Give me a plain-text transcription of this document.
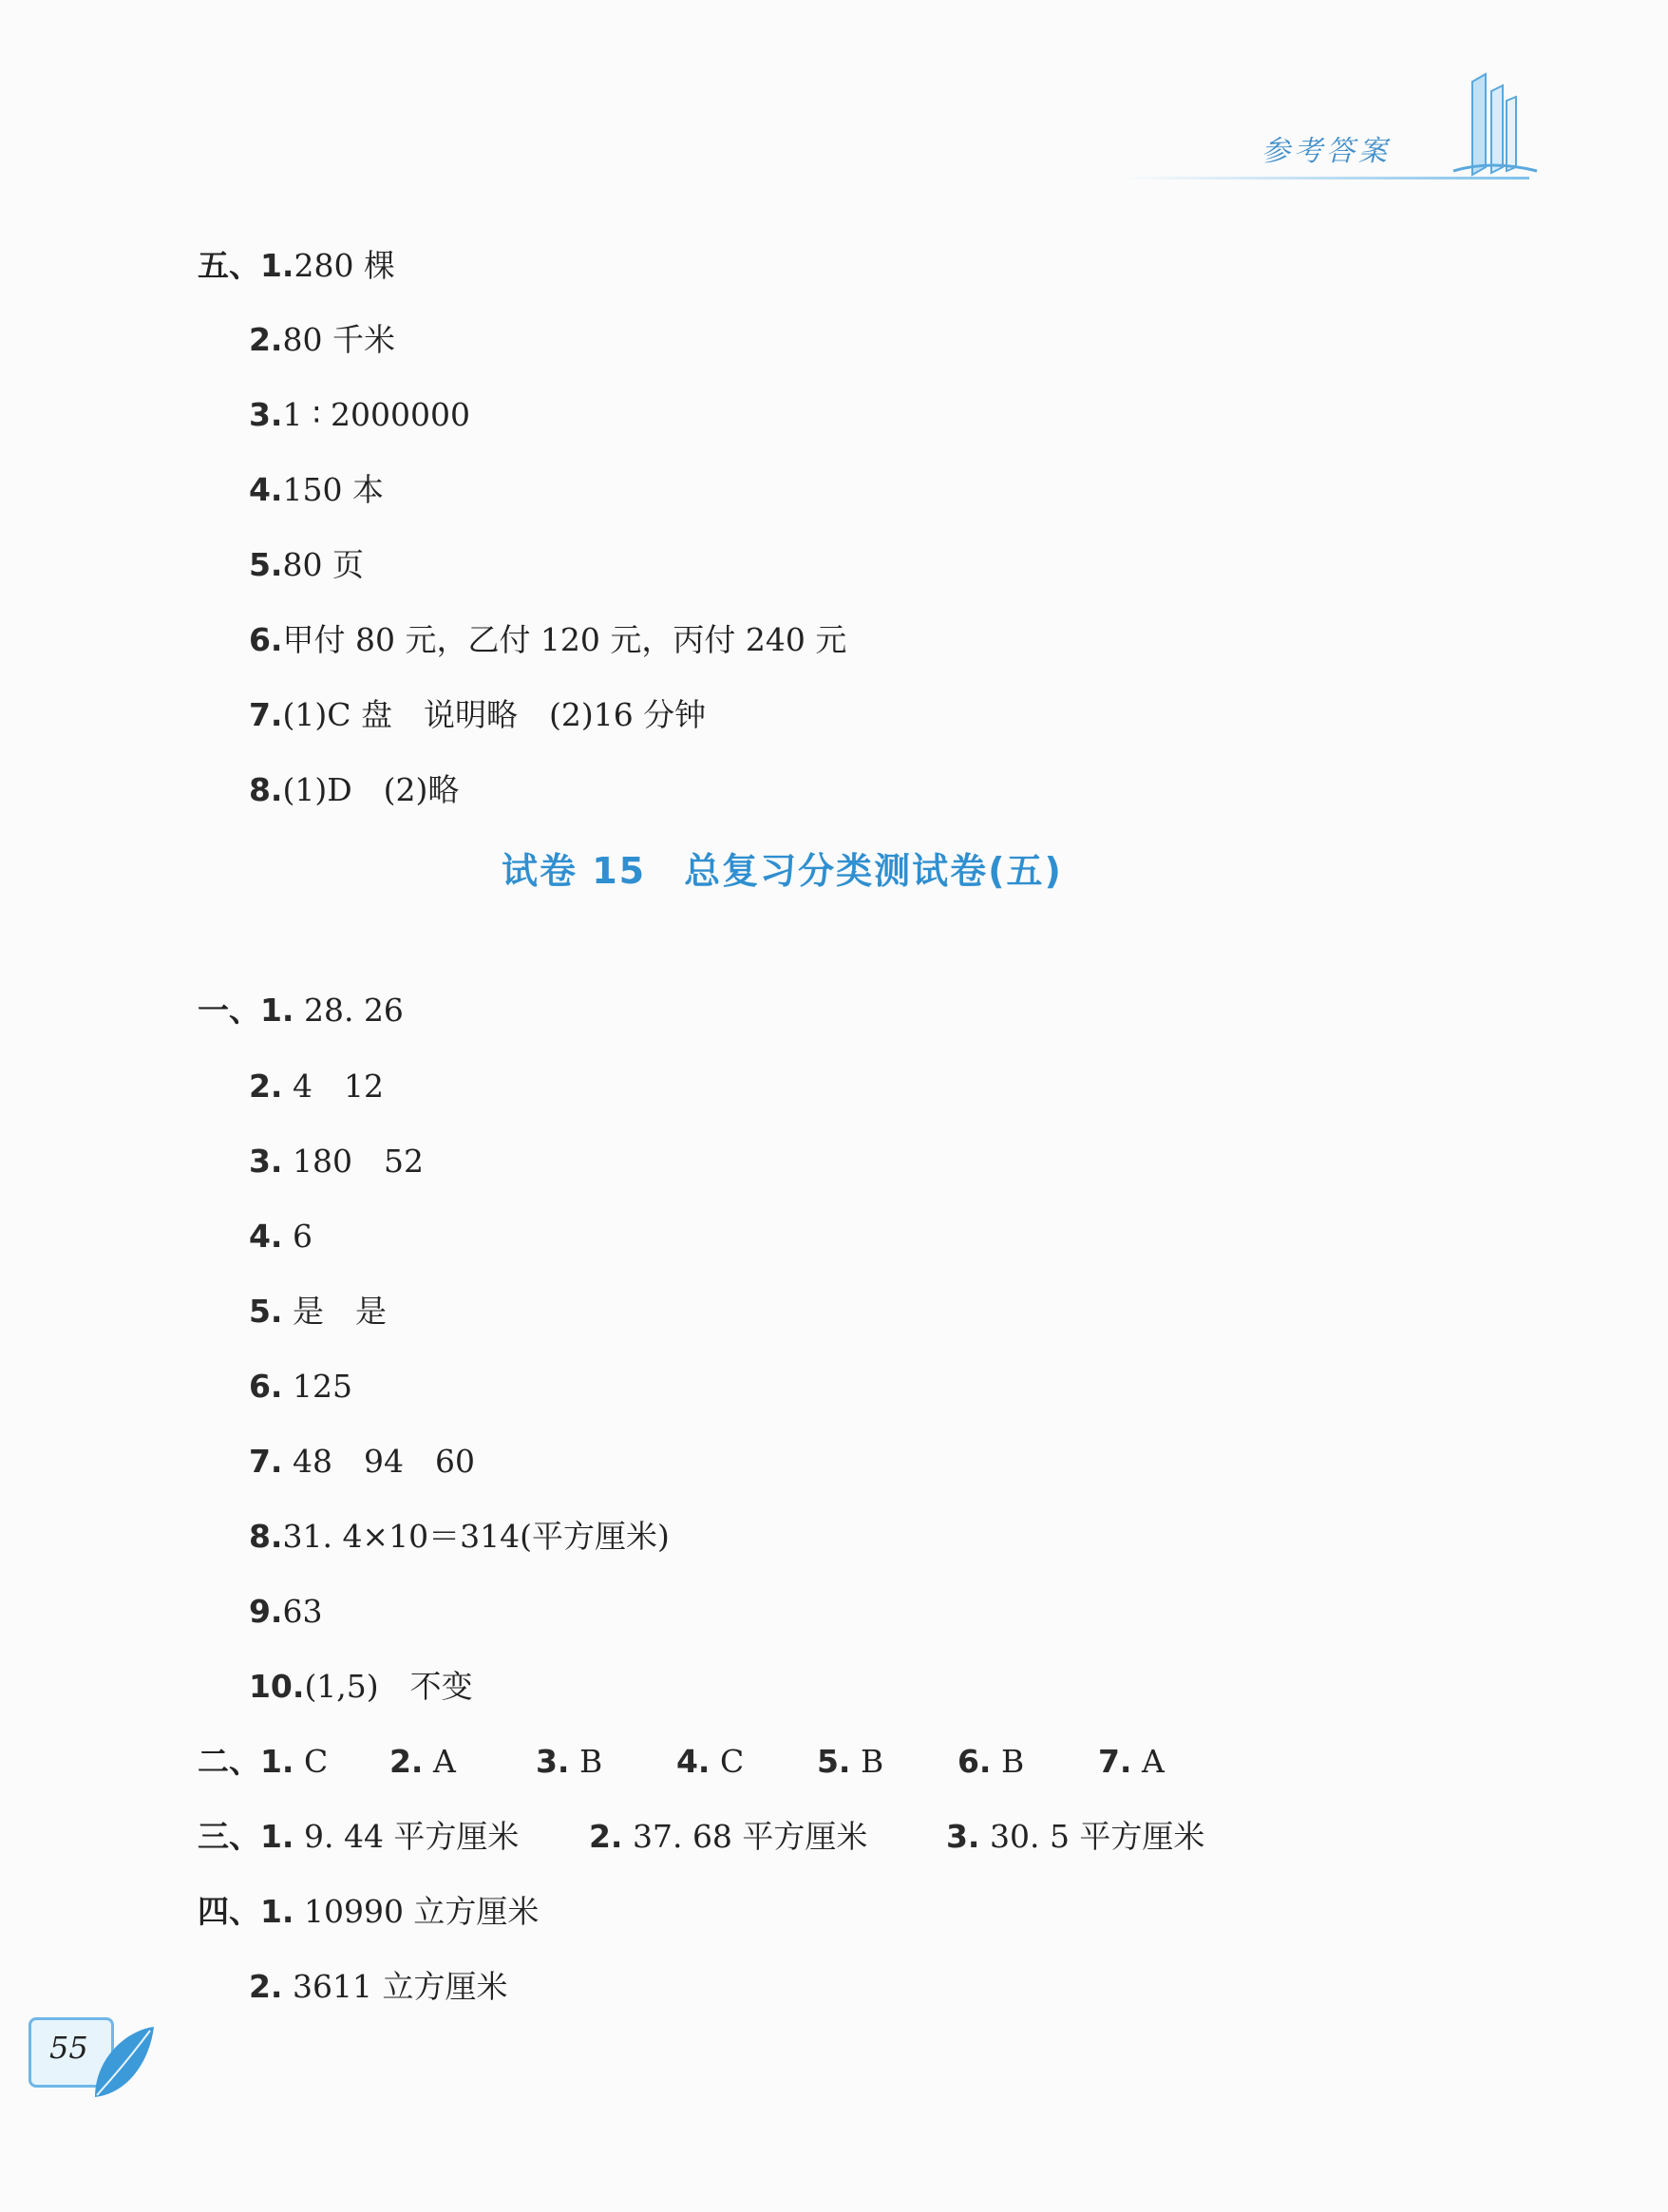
参考答案

五、1.280 棵

2.80 千米

3.1 ∶ 2000000

4.150 本

5.80 页

6.甲付 80 元，乙付 120 元，丙付 240 元

7.(1)C 盘　说明略　(2)16 分钟

8.(1)D　(2)略

试卷 15　总复习分类测试卷(五)

一、1. 28. 26

2. 4　12

3. 180　52

4. 6

5. 是　是

6. 125

7. 48　94　60

8.31. 4×10＝314(平方厘米)

9.63

10.(1,5)　不变

二、1. C
	2. A
	3. B
	4. C
	5. B
	6. B
	7. A

三、1. 9. 44 平方厘米
	2. 37. 68 平方厘米
	3. 30. 5 平方厘米

四、1. 10990 立方厘米

2. 3611 立方厘米

55
